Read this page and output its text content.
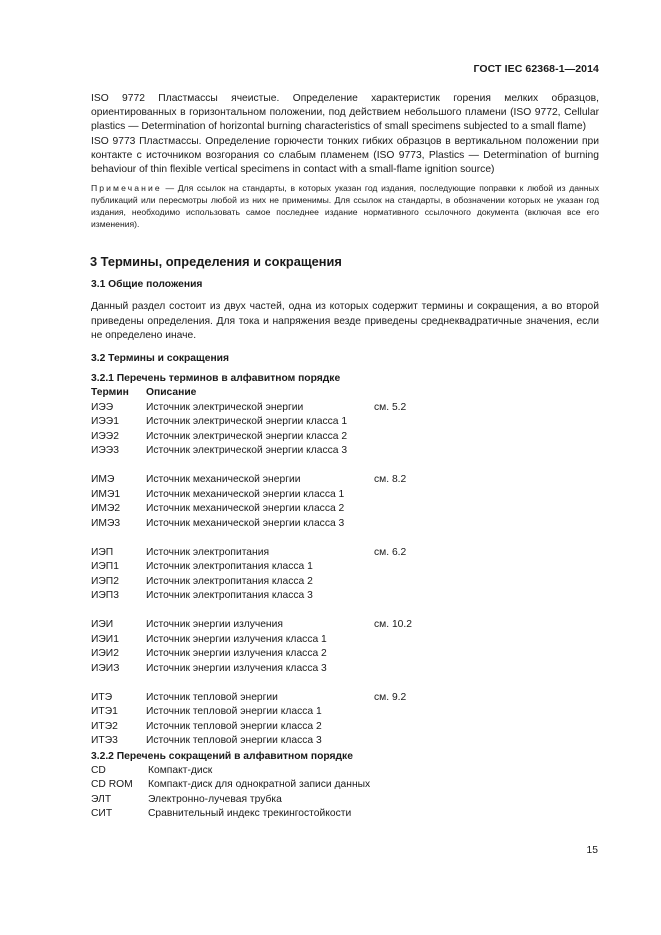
ГОСТ IEC 62368-1—2014

ISO 9772 Пластмассы ячеистые. Определение характеристик горения мелких образцов, ориентированных в горизонтальном положении, под действием небольшого пламени (ISO 9772, Cellular plastics — Determination of horizontal burning characteristics of small specimens subjected to a small flame)

ISO 9773 Пластмассы. Определение горючести тонких гибких образцов в вертикальном положении при контакте с источником возгорания со слабым пламенем (ISO 9773, Plastics — Determination of burning behaviour of thin flexible vertical specimens in contact with a small-flame ignition source)

Примечание — Для ссылок на стандарты, в которых указан год издания, последующие поправки к любой из данных публикаций или пересмотры любой из них не применимы. Для ссылок на стандарты, в обозначении которых не указан год издания, необходимо использовать самое последнее издание нормативного ссылочного документа (включая все его изменения).

3 Термины, определения и сокращения
3.1 Общие положения

Данный раздел состоит из двух частей, одна из которых содержит термины и сокращения, а во второй приведены определения. Для тока и напряжения везде приведены среднеквадратичные значения, если не определено иначе.

3.2 Термины и сокращения
3.2.1 Перечень терминов в алфавитном порядке
Термин	Описание
ИЭЭ	Источник электрической энергии	см. 5.2
ИЭЭ1	Источник электрической энергии класса 1
ИЭЭ2	Источник электрической энергии класса 2
ИЭЭ3	Источник электрической энергии класса 3
ИМЭ	Источник механической энергии	см. 8.2
ИМЭ1	Источник механической энергии класса 1
ИМЭ2	Источник механической энергии класса 2
ИМЭ3	Источник механической энергии класса 3
ИЭП	Источник электропитания	см. 6.2
ИЭП1	Источник электропитания класса 1
ИЭП2	Источник электропитания класса 2
ИЭП3	Источник электропитания класса 3
ИЭИ	Источник энергии излучения	см. 10.2
ИЭИ1	Источник энергии излучения класса 1
ИЭИ2	Источник энергии излучения класса 2
ИЭИЗ	Источник энергии излучения класса 3
ИТЭ	Источник тепловой энергии	см. 9.2
ИТЭ1	Источник тепловой энергии класса 1
ИТЭ2	Источник тепловой энергии класса 2
ИТЭ3	Источник тепловой энергии класса 3
3.2.2 Перечень сокращений в алфавитном порядке
CD	Компакт-диск
CD ROM	Компакт-диск для однократной записи данных
ЭЛТ	Электронно-лучевая трубка
СИТ	Сравнительный индекс трекингостойкости
15
